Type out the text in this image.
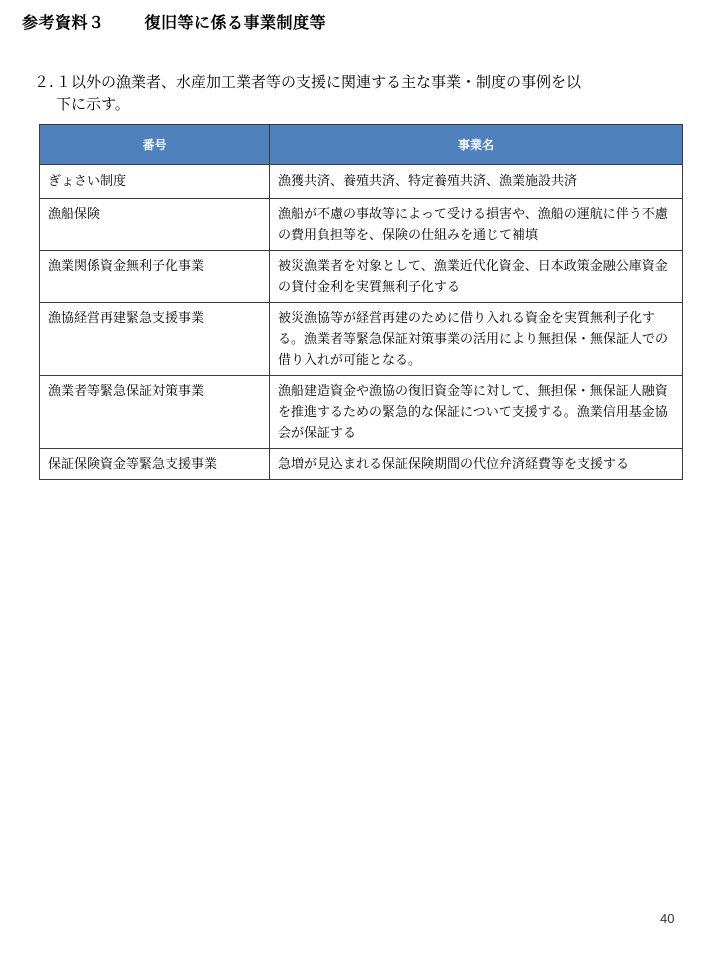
参考資料３	復旧等に係る事業制度等
２. １以外の漁業者、水産加工業者等の支援に関連する主な事業・制度の事例を以
下に示す。
番号	事業名
ぎょさい制度	漁獲共済、養殖共済、特定養殖共済、漁業施設共済
漁船保険	漁船が不慮の事故等によって受ける損害や、漁船の運航に伴う不慮の費用負担等を、保険の仕組みを通じて補填
漁業関係資金無利子化事業	被災漁業者を対象として、漁業近代化資金、日本政策金融公庫資金の貸付金利を実質無利子化する
漁協経営再建緊急支援事業	被災漁協等が経営再建のために借り入れる資金を実質無利子化する。漁業者等緊急保証対策事業の活用により無担保・無保証人での借り入れが可能となる。
漁業者等緊急保証対策事業	漁船建造資金や漁協の復旧資金等に対して、無担保・無保証人融資を推進するための緊急的な保証について支援する。漁業信用基金協会が保証する
保証保険資金等緊急支援事業	急増が見込まれる保証保険期間の代位弁済経費等を支援する
40
